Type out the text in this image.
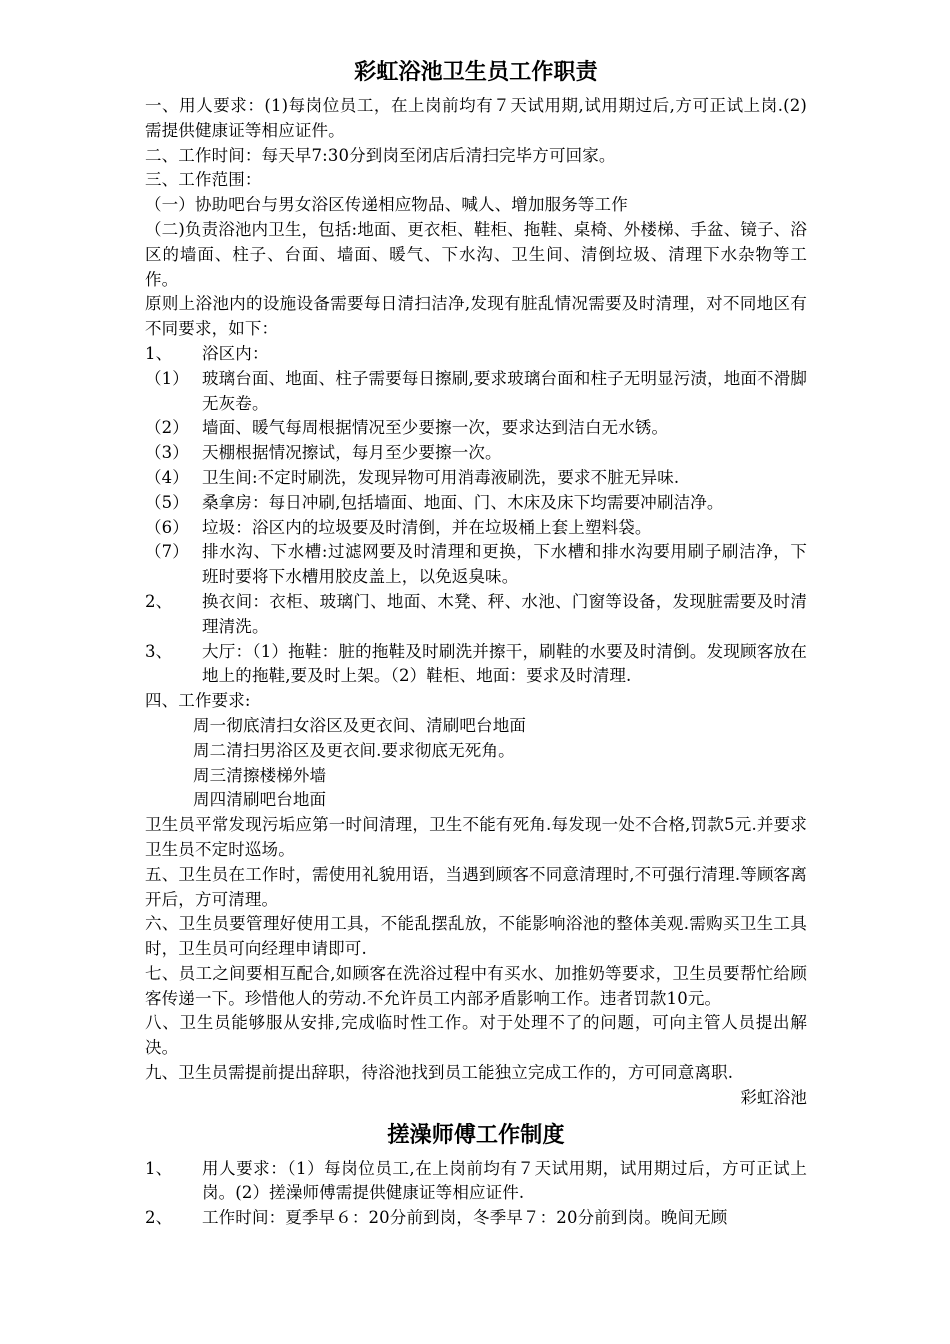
彩虹浴池卫生员工作职责

一、用人要求：(1)每岗位员工，在上岗前均有７天试用期,试用期过后,方可正试上岗.(2)需提供健康证等相应证件。

二、工作时间：每天早7:30分到岗至闭店后清扫完毕方可回家。

三、工作范围：

（一）协助吧台与男女浴区传递相应物品、喊人、增加服务等工作

（二)负责浴池内卫生，包括:地面、更衣柜、鞋柜、拖鞋、桌椅、外楼梯、手盆、镜子、浴区的墙面、柱子、台面、墙面、暖气、下水沟、卫生间、清倒垃圾、清理下水杂物等工作。

原则上浴池内的设施设备需要每日清扫洁净,发现有脏乱情况需要及时清理，对不同地区有不同要求，如下：

1、	浴区内：
（1） 玻璃台面、地面、柱子需要每日擦刷,要求玻璃台面和柱子无明显污渍，地面不滑脚无灰卷。
（2） 墙面、暖气每周根据情况至少要擦一次，要求达到洁白无水锈。
（3） 天棚根据情况擦试，每月至少要擦一次。
（4） 卫生间:不定时刷洗，发现异物可用消毒液刷洗，要求不脏无异味.
（5） 桑拿房：每日冲刷,包括墙面、地面、门、木床及床下均需要冲刷洁净。
（6） 垃圾：浴区内的垃圾要及时清倒，并在垃圾桶上套上塑料袋。
（7） 排水沟、下水槽:过滤网要及时清理和更换，下水槽和排水沟要用刷子刷洁净，下班时要将下水槽用胶皮盖上，以免返臭味。
2、	换衣间：衣柜、玻璃门、地面、木凳、秤、水池、门窗等设备，发现脏需要及时清理清洗。
3、	大厅：（1）拖鞋：脏的拖鞋及时刷洗并擦干，刷鞋的水要及时清倒。发现顾客放在地上的拖鞋,要及时上架。（2）鞋柜、地面：要求及时清理.

四、工作要求:

周一彻底清扫女浴区及更衣间、清刷吧台地面

周二清扫男浴区及更衣间.要求彻底无死角。

周三清擦楼梯外墙

周四清刷吧台地面

卫生员平常发现污垢应第一时间清理，卫生不能有死角.每发现一处不合格,罚款5元.并要求卫生员不定时巡场。

五、卫生员在工作时，需使用礼貌用语，当遇到顾客不同意清理时,不可强行清理.等顾客离开后，方可清理。

六、卫生员要管理好使用工具，不能乱摆乱放，不能影响浴池的整体美观.需购买卫生工具时，卫生员可向经理申请即可.

七、员工之间要相互配合,如顾客在洗浴过程中有买水、加推奶等要求，卫生员要帮忙给顾客传递一下。珍惜他人的劳动.不允许员工内部矛盾影响工作。违者罚款10元。

八、卫生员能够服从安排,完成临时性工作。对于处理不了的问题，可向主管人员提出解决。

九、卫生员需提前提出辞职，待浴池找到员工能独立完成工作的，方可同意离职.

彩虹浴池

搓澡师傅工作制度
1、	用人要求：（1）每岗位员工,在上岗前均有７天试用期，试用期过后，方可正试上岗。(2）搓澡师傅需提供健康证等相应证件.
2、	工作时间：夏季早６：20分前到岗，冬季早７：20分前到岗。晚间无顾
